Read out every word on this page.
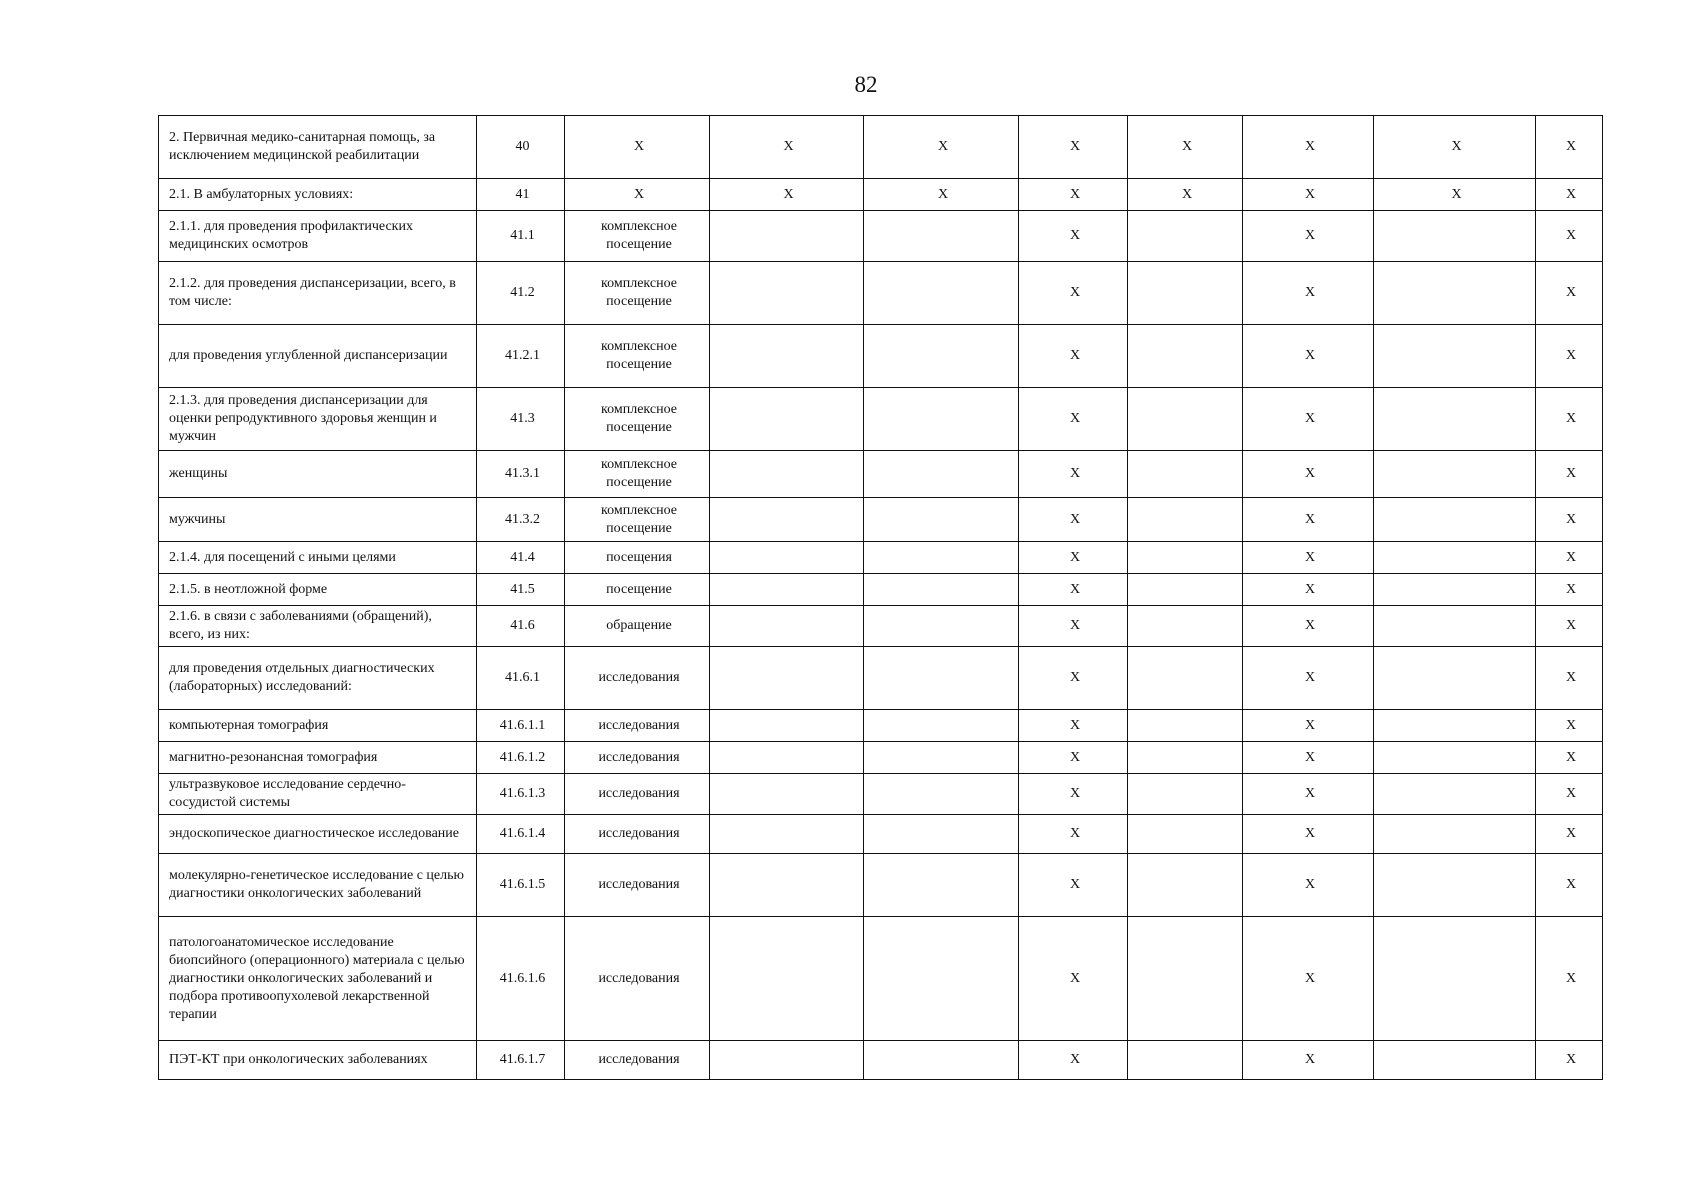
82
2. Первичная медико-санитарная помощь, за исключением медицинской реабилитации	40	X	X	X	X	X	X	X	X
2.1. В амбулаторных условиях:	41	X	X	X	X	X	X	X	X
2.1.1. для проведения профилактических медицинских осмотров	41.1	комплексное посещение			X		X		X
2.1.2. для проведения диспансеризации, всего, в том числе:	41.2	комплексное посещение			X		X		X
для проведения углубленной диспансеризации	41.2.1	комплексное посещение			X		X		X
2.1.3. для проведения диспансеризации для оценки репродуктивного здоровья женщин и мужчин	41.3	комплексное посещение			X		X		X
женщины	41.3.1	комплексное посещение			X		X		X
мужчины	41.3.2	комплексное посещение			X		X		X
2.1.4. для посещений с иными целями	41.4	посещения			X		X		X
2.1.5. в неотложной форме	41.5	посещение			X		X		X
2.1.6. в связи с заболеваниями (обращений), всего, из них:	41.6	обращение			X		X		X
для проведения отдельных диагностических (лабораторных) исследований:	41.6.1	исследования			X		X		X
компьютерная томография	41.6.1.1	исследования			X		X		X
магнитно-резонансная томография	41.6.1.2	исследования			X		X		X
ультразвуковое исследование сердечно-сосудистой системы	41.6.1.3	исследования			X		X		X
эндоскопическое диагностическое исследование	41.6.1.4	исследования			X		X		X
молекулярно-генетическое исследование с целью диагностики онкологических заболеваний	41.6.1.5	исследования			X		X		X
патологоанатомическое исследование биопсийного (операционного) материала с целью диагностики онкологических заболеваний и подбора противоопухолевой лекарственной терапии	41.6.1.6	исследования			X		X		X
ПЭТ-КТ при онкологических заболеваниях	41.6.1.7	исследования			X		X		X
